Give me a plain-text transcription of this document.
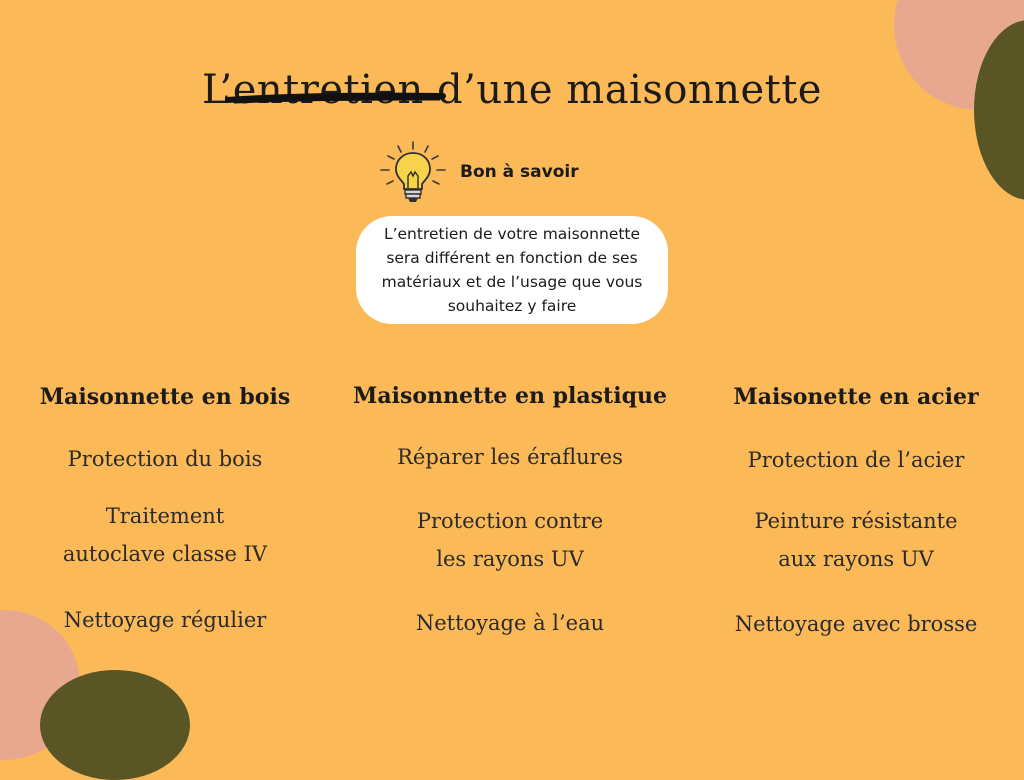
L’entretien d’une maisonnette
Bon à savoir
L’entretien de votre maisonnette
sera différent en fonction de ses
matériaux et de l’usage que vous
souhaitez y faire
Maisonnette en bois
Protection du bois
Traitement
autoclave classe IV
Nettoyage régulier
Maisonnette en plastique
Réparer les éraflures
Protection contre
les rayons UV
Nettoyage à l’eau
Maisonette en acier
Protection de l’acier
Peinture résistante
aux rayons UV
Nettoyage avec brosse
